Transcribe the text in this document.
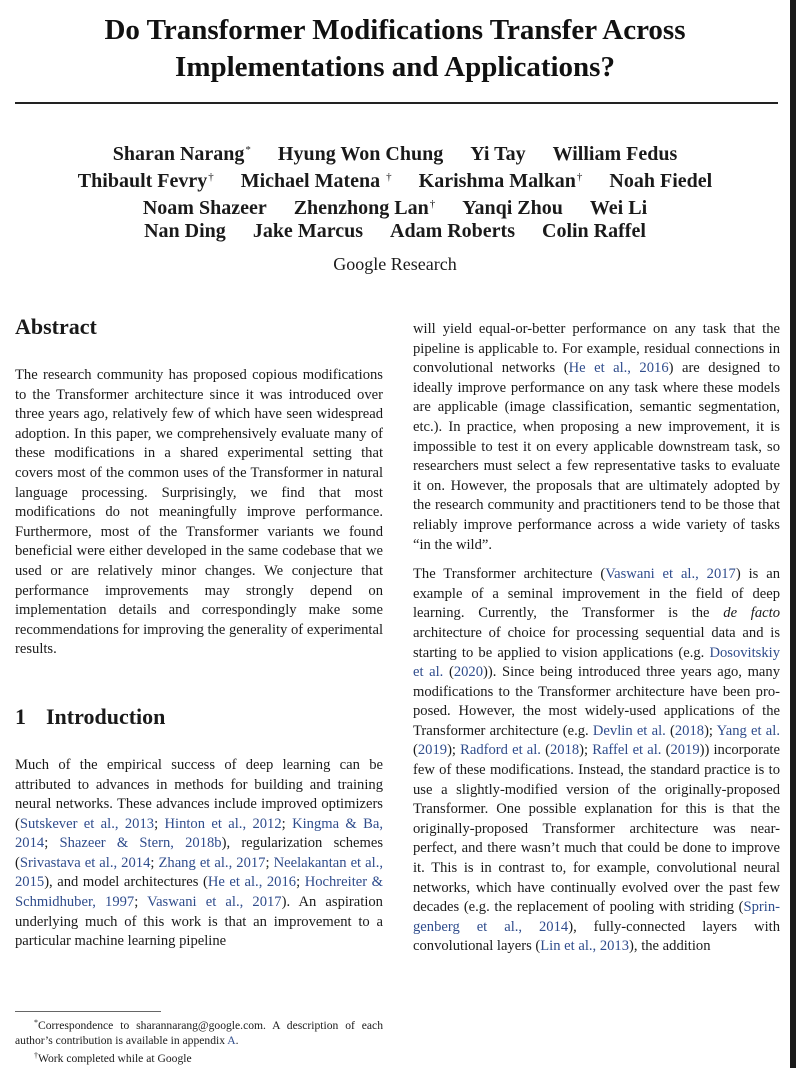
Do Transformer Modifications Transfer Across
Implementations and Applications?
Sharan Narang* Hyung Won Chung Yi Tay William Fedus
Thibault Fevry† Michael Matena † Karishma Malkan† Noah Fiedel
Noam Shazeer Zhenzhong Lan† Yanqi Zhou Wei Li
Nan Ding Jake Marcus Adam Roberts Colin Raffel
Google Research
Abstract

The research community has proposed copious modifications to the Transformer architecture since it was introduced over three years ago, relatively few of which have seen widespread adoption. In this paper, we comprehensively evaluate many of these modifications in a shared experimental setting that covers most of the common uses of the Transformer in natural language processing. Surprisingly, we find that most modifications do not meaningfully improve performance. Furthermore, most of the Transformer variants we found beneficial were either developed in the same codebase that we used or are relatively minor changes. We conjecture that performance improvements may strongly depend on implementation details and correspondingly make some recommendations for improving the generality of experimental results.

1 Introduction

Much of the empirical success of deep learning can be attributed to advances in methods for building and training neural networks. These advances include improved optimizers (Sutskever et al., 2013; Hinton et al., 2012; Kingma & Ba, 2014; Shazeer & Stern, 2018b), regularization schemes (Srivastava et al., 2014; Zhang et al., 2017; Neelakantan et al., 2015), and model architectures (He et al., 2016; Hochreiter & Schmidhuber, 1997; Vaswani et al., 2017). An aspiration underlying much of this work is that an improvement to a particular machine learning pipeline

*Correspondence to sharannarang@google.com. A description of each author’s contribution is available in appendix A.
†Work completed while at Google

will yield equal-or-better performance on any task that the pipeline is applicable to. For example, residual connections in convolutional networks (He et al., 2016) are designed to ideally improve performance on any task where these models are applicable (image classification, semantic segmentation, etc.). In practice, when proposing a new improvement, it is impossible to test it on every applicable downstream task, so researchers must select a few representative tasks to evaluate it on. However, the proposals that are ultimately adopted by the research community and practitioners tend to be those that reliably improve performance across a wide variety of tasks “in the wild”.

The Transformer architecture (Vaswani et al., 2017) is an example of a seminal improvement in the field of deep learning. Currently, the Transformer is the de facto architecture of choice for processing sequential data and is starting to be applied to vision applications (e.g. Dosovitskiy et al. (2020)). Since being introduced three years ago, many modifications to the Transformer architecture have been proposed. However, the most widely-used applications of the Transformer architecture (e.g. Devlin et al. (2018); Yang et al. (2019); Radford et al. (2018); Raffel et al. (2019)) incorporate few of these modifications. Instead, the standard practice is to use a slightly-modified version of the originally-proposed Transformer. One possible explanation for this is that the originally-proposed Transformer architecture was near-perfect, and there wasn’t much that could be done to improve it. This is in contrast to, for example, convolutional neural networks, which have continually evolved over the past few decades (e.g. the replacement of pooling with striding (Springenberg et al., 2014), fully-connected layers with convolutional layers (Lin et al., 2013), the addition
